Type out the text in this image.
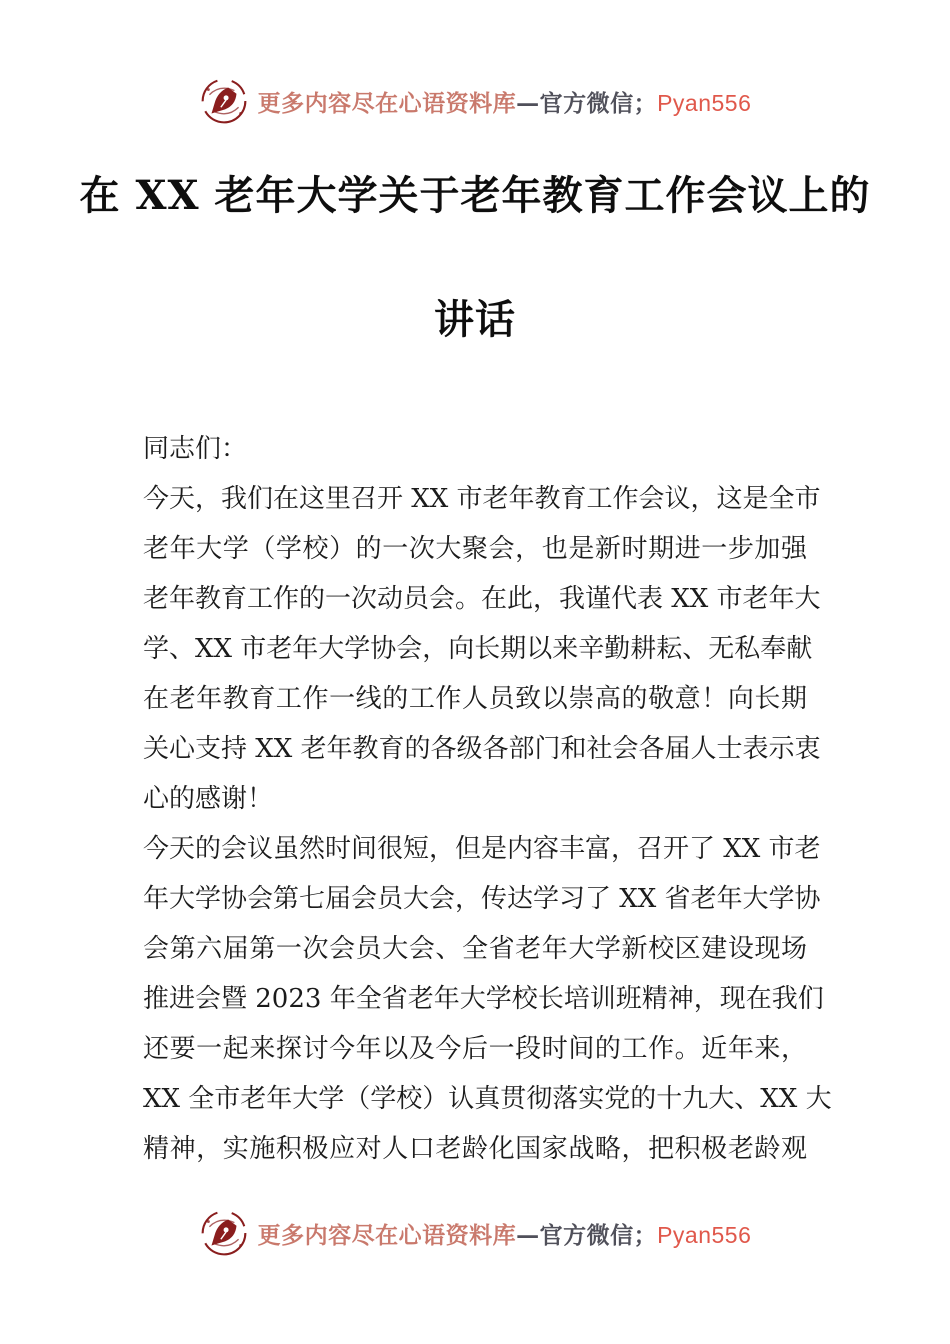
更多内容尽在心语资料库—官方微信；Pyan556
在 XX 老年大学关于老年教育工作会议上的
讲话
同志们：
今天，我们在这里召开 XX 市老年教育工作会议，这是全市
老年大学（学校）的一次大聚会，也是新时期进一步加强
老年教育工作的一次动员会。在此，我谨代表 XX 市老年大
学、XX 市老年大学协会，向长期以来辛勤耕耘、无私奉献
在老年教育工作一线的工作人员致以崇高的敬意！向长期
关心支持 XX 老年教育的各级各部门和社会各届人士表示衷
心的感谢！
今天的会议虽然时间很短，但是内容丰富，召开了 XX 市老
年大学协会第七届会员大会，传达学习了 XX 省老年大学协
会第六届第一次会员大会、全省老年大学新校区建设现场
推进会暨 2023 年全省老年大学校长培训班精神，现在我们
还要一起来探讨今年以及今后一段时间的工作。近年来，
XX 全市老年大学（学校）认真贯彻落实党的十九大、XX 大
精神，实施积极应对人口老龄化国家战略，把积极老龄观
更多内容尽在心语资料库—官方微信；Pyan556
